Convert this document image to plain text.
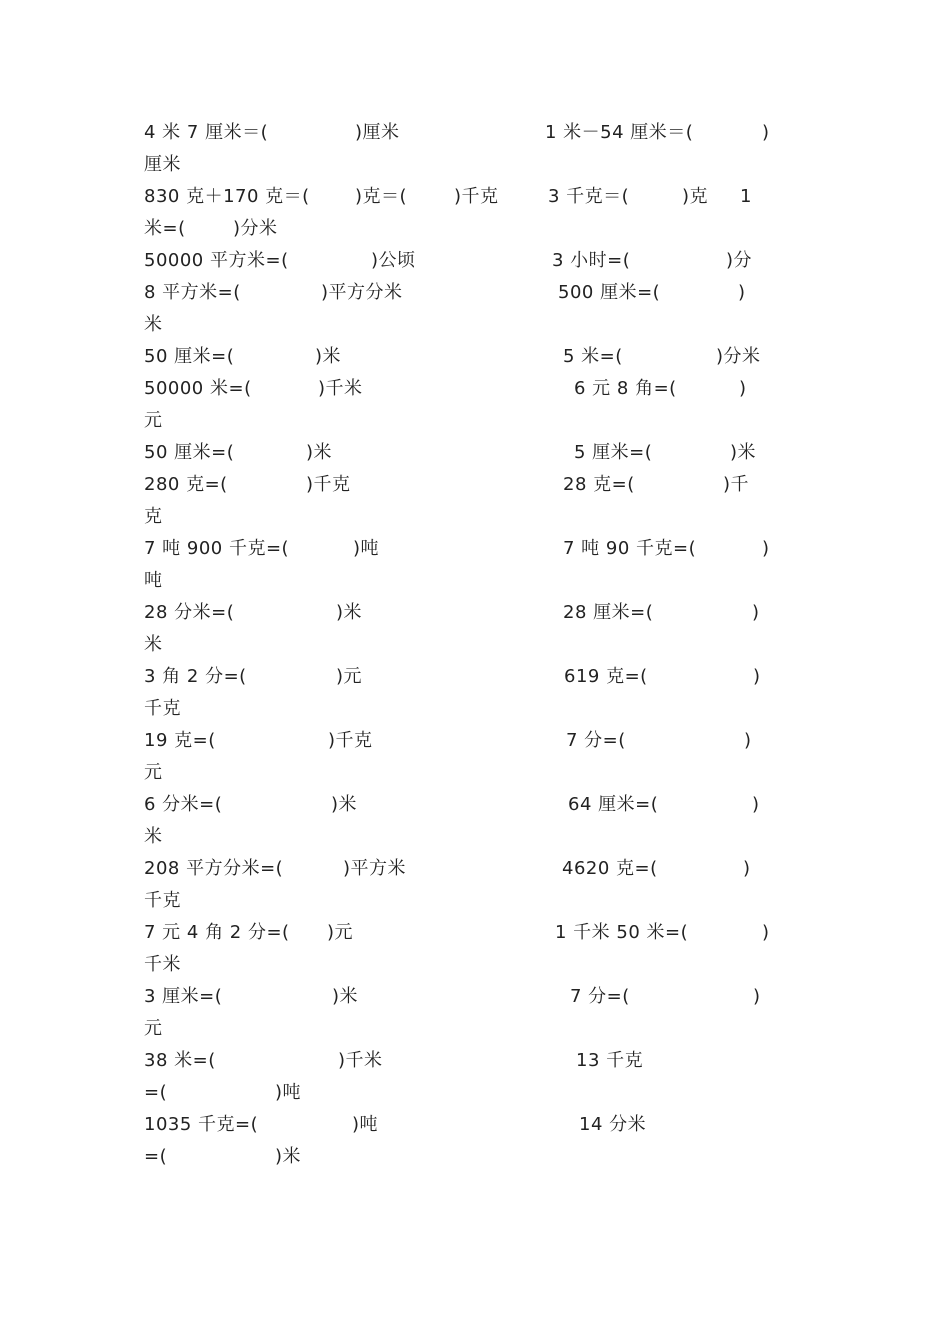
4 米 7 厘米＝(	)厘米	1 米－54 厘米＝(	)
厘米
830 克＋170 克＝(	)克＝(	)千克	3 千克＝(	)克 1
米=(	)分米
50000 平方米=(	)公顷	3 小时=(	)分
8 平方米=(	)平方分米	500 厘米=(	)
米
50 厘米=(	)米	5 米=(	)分米
50000 米=(	)千米	6 元 8 角=(	)
元
50 厘米=(	)米	5 厘米=(	)米
280 克=(	)千克	28 克=(	)千
克
7 吨 900 千克=(	)吨	7 吨 90 千克=(	)
吨
28 分米=(	)米	28 厘米=(	)
米
3 角 2 分=(	)元	619 克=(	)
千克
19 克=(	)千克	7 分=(	)
元
6 分米=(	)米	64 厘米=(	)
米
208 平方分米=(	)平方米	4620 克=(	)
千克
7 元 4 角 2 分=( )元	1 千米 50 米=(	)
千米
3 厘米=(	)米	7 分=(	)
元
38 米=(	)千米	13 千克
=(	)吨
1035 千克=(	)吨	14 分米
=(	)米
